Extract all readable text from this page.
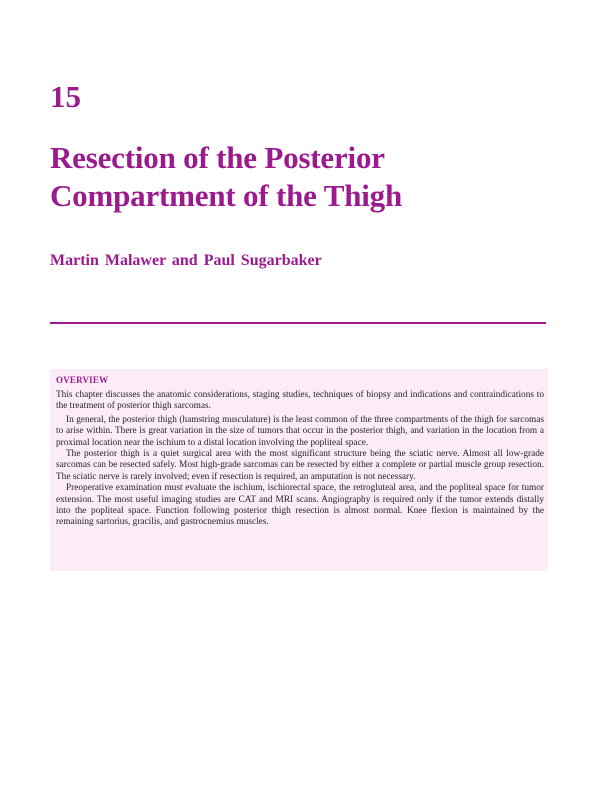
15
Resection of the Posterior
Compartment of the Thigh

Martin Malawer and Paul Sugarbaker

OVERVIEW

This chapter discusses the anatomic considerations, staging studies, techniques of biopsy and indications and contraindications to the treatment of posterior thigh sarcomas.

In general, the posterior thigh (hamstring musculature) is the least common of the three compartments of the thigh for sarcomas to arise within. There is great variation in the size of tumors that occur in the posterior thigh, and variation in the location from a proximal location near the ischium to a distal location involving the popliteal space.

The posterior thigh is a quiet surgical area with the most significant structure being the sciatic nerve. Almost all low-grade sarcomas can be resected safely. Most high-grade sarcomas can be resected by either a complete or partial muscle group resection. The sciatic nerve is rarely involved; even if resection is required, an amputation is not necessary.

Preoperative examination must evaluate the ischium, ischiorectal space, the retrogluteal area, and the popliteal space for tumor extension. The most useful imaging studies are CAT and MRI scans. Angiography is required only if the tumor extends distally into the popliteal space. Function following posterior thigh resection is almost normal. Knee flexion is maintained by the remaining sartorius, gracilis, and gastrocnemius muscles.
